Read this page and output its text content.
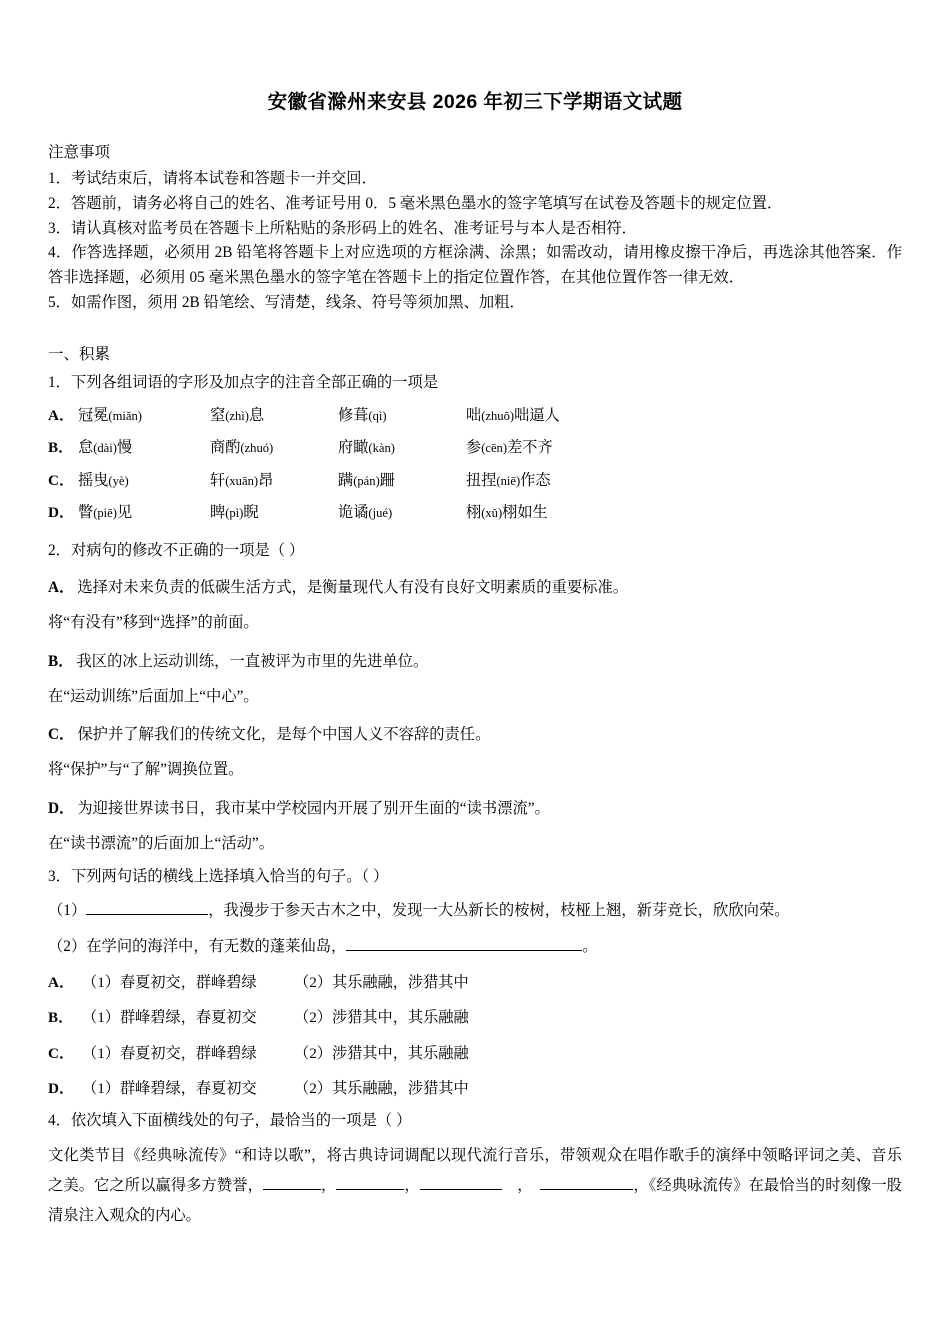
安徽省滁州来安县 2026 年初三下学期语文试题
注意事项

1．考试结束后，请将本试卷和答题卡一并交回．

2．答题前，请务必将自己的姓名、准考证号用 0．5 毫米黑色墨水的签字笔填写在试卷及答题卡的规定位置．

3．请认真核对监考员在答题卡上所粘贴的条形码上的姓名、准考证号与本人是否相符．

4．作答选择题，必须用 2B 铅笔将答题卡上对应选项的方框涂满、涂黑；如需改动，请用橡皮擦干净后，再选涂其他答案．作答非选择题，必须用 05 毫米黑色墨水的签字笔在答题卡上的指定位置作答，在其他位置作答一律无效．

5．如需作图，须用 2B 铅笔绘、写清楚，线条、符号等须加黑、加粗．

一、积累

1．下列各组词语的字形及加点字的注音全部正确的一项是

A． 冠冕(miǎn)	窒(zhì)息	修葺(qì)	咄(zhuō)咄逼人
B． 怠(dài)慢	商酌(zhuó)	府瞰(kàn)	参(cēn)差不齐
C． 摇曳(yè)	轩(xuān)昂	蹒(pán)跚	扭捏(niē)作态
D． 瞥(piē)见	睥(pì)睨	诡谲(jué)	栩(xǔ)栩如生

2．对病句的修改不正确的一项是（ ）

A． 选择对未来负责的低碳生活方式，是衡量现代人有没有良好文明素质的重要标准。

将“有没有”移到“选择”的前面。

B． 我区的冰上运动训练，一直被评为市里的先进单位。

在“运动训练”后面加上“中心”。

C． 保护并了解我们的传统文化，是每个中国人义不容辞的责任。

将“保护”与“了解”调换位置。

D． 为迎接世界读书日，我市某中学校园内开展了别开生面的“读书漂流”。

在“读书漂流”的后面加上“活动”。

3．下列两句话的横线上选择填入恰当的句子。（ ）

（1）	，我漫步于参天古木之中，发现一大丛新长的桉树，枝桠上翘，新芽竞长，欣欣向荣。

（2）在学问的海洋中，有无数的蓬莱仙岛，	。

A． （1）春夏初交，群峰碧绿	（2）其乐融融，涉猎其中
B． （1）群峰碧绿，春夏初交	（2）涉猎其中，其乐融融
C． （1）春夏初交，群峰碧绿	（2）涉猎其中，其乐融融
D． （1）群峰碧绿，春夏初交	（2）其乐融融，涉猎其中

4．依次填入下面横线处的句子，最恰当的一项是（ ）

文化类节目《经典咏流传》“和诗以歌”，将古典诗词调配以现代流行音乐，带领观众在唱作歌手的演绎中领略评词之美、音乐之美。它之所以赢得多方赞誉，	，	，	　，　	，《经典咏流传》在最恰当的时刻像一股清泉注入观众的内心。
